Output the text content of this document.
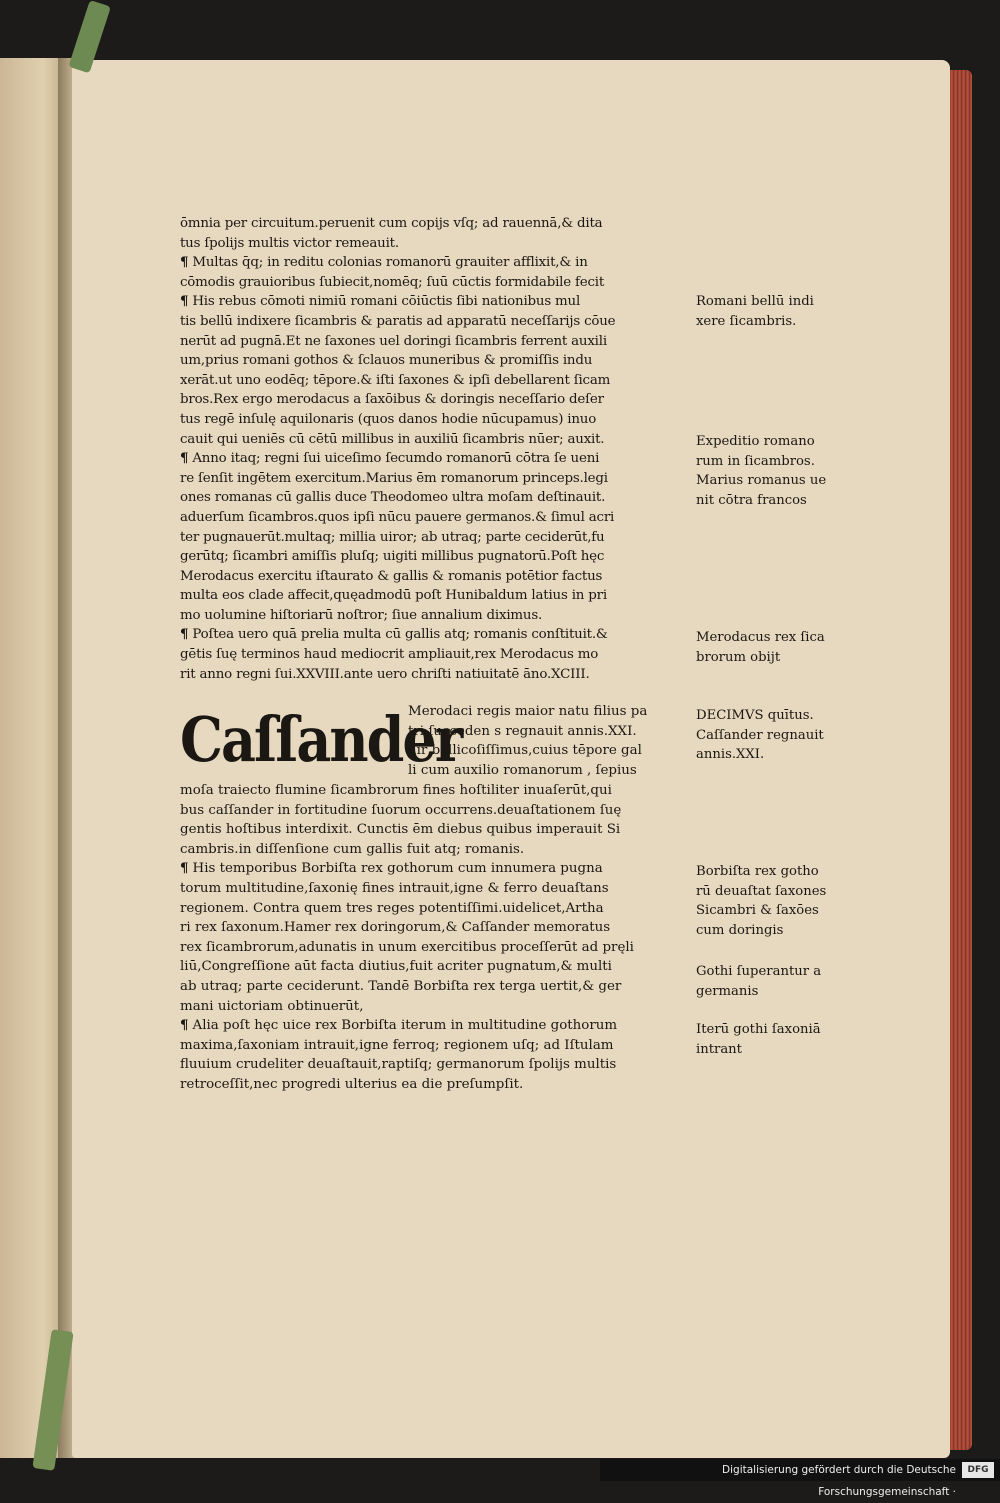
ōmnia per circuitum.peruenit cum copijs vſq; ad rauennā,& dita
tus ſpolijs multis victor remeauit.

¶ Multas q̄q; in reditu colonias romanorū grauiter afflixit,& in
cōmodis grauioribus ſubiecit,nomēq; ſuū cūctis formidabile fecit

¶ His rebus cōmoti nimiū romani cōiūctis ſibi nationibus mul
tis bellū indixere ſicambris & paratis ad apparatū neceſſarijs cōue
nerūt ad pugnā.Et ne ſaxones uel doringi ſicambris ferrent auxili
um,prius romani gothos & ſclauos muneribus & promiſſis indu
xerāt.ut uno eodēq; tēpore.& iſti ſaxones & ipſi debellarent ſicam
bros.Rex ergo merodacus a ſaxōibus & doringis neceſſario deſer
tus regē inſulę aquilonaris (quos danos hodie nūcupamus) inuo
cauit qui ueniēs cū cētū millibus in auxiliū ſicambris nūer; auxit.

¶ Anno itaq; regni ſui uiceſimo ſecumdo romanorū cōtra ſe ueni
re ſenſit ingētem exercitum.Marius ēm romanorum princeps.legi
ones romanas cū gallis duce Theodomeo ultra moſam deſtinauit.
aduerſum ſicambros.quos ipſi nūcu pauere germanos.& ſimul acri
ter pugnauerūt.multaq; millia uiror; ab utraq; parte ceciderūt,fu
gerūtq; ſicambri amiſſis pluſq; uigiti millibus pugnatorū.Poſt hęc
Merodacus exercitu iſtaurato & gallis & romanis potētior factus
multa eos clade affecit,quęadmodū poſt Hunibaldum latius in pri
mo uolumine hiſtoriarū noſtror; ſiue annalium diximus.

¶ Poſtea uero quā prelia multa cū gallis atq; romanis conſtituit.&
gētis ſuę terminos haud mediocrit ampliauit,rex Merodacus mo
rit anno regni ſui.XXVIII.ante uero chriſti natiuitatē āno.XCIII.

Caſſander
Merodaci regis maior natu filius pa
tri ſucceden s regnauit annis.XXI.
uir belliсoſiſſimus,cuius tēpore gal
li cum auxilio romanorum , ſepius
moſa traiecto flumine ſicambrorum fines hoſtiliter inuaſerūt,qui
bus caſſander in fortitudine ſuorum occurrens.deuaſtationem ſuę
gentis hoſtibus interdixit. Cunctis ēm diebus quibus imperauit Si
cambris.in diſſenſione cum gallis fuit atq; romanis.
¶ His temporibus Borbiſta rex gothorum cum innumera pugna
torum multitudine,ſaxonię fines intrauit,igne & ferro deuaſtans
regionem. Contra quem tres reges potentiſſimi.uidelicet,Artha
ri rex ſaxonum.Hamer rex doringorum,& Caſſander memoratus
rex ſicambrorum,adunatis in unum exercitibus proceſſerūt ad pręli
liū,Congreſſione aūt facta diutius,fuit acriter pugnatum,& multi
ab utraq; parte ceciderunt. Tandē Borbiſta rex terga uertit,& ger
mani uictoriam obtinuerūt,
¶ Alia poſt hęc uice rex Borbiſta iterum in multitudine gothorum
maxima,ſaxoniam intrauit,igne ferroq; regionem uſq; ad Iſtulam
fluuium crudeliter deuaſtauit,raptiſq; germanorum ſpolijs multis
retroceſſit,nec progredi ulterius ea die preſumpſit.
Romani bellū indi
xere ſicambris.
Expeditio romano
rum in ſicambros.
Marius romanus ue
nit cōtra francos
Merodacus rex ſica
brorum obijt
DECIMVS quītus.
Caſſander regnauit
annis.XXI.
Borbiſta rex gotho
rū deuaſtat ſaxones
Sicambri & ſaxōes
cum doringis
Gothi ſuperantur a
germanis
Iterū gothi ſaxoniā
intrant
Digitalisierung gefördert durch die Deutsche Forschungsgemeinschaft ·
DFG
